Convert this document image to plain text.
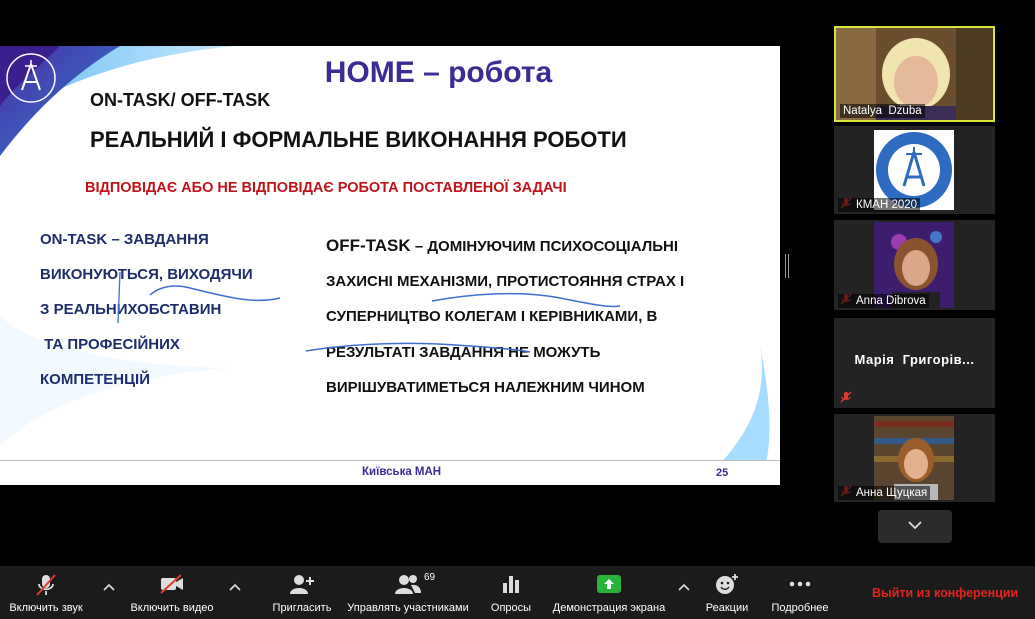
HOME – робота
ON-TASK/ OFF-TASK
РЕАЛЬНИЙ І ФОРМАЛЬНЕ ВИКОНАННЯ РОБОТИ
ВІДПОВІДАЄ АБО НЕ ВІДПОВІДАЄ РОБОТА ПОСТАВЛЕНОЇ ЗАДАЧІ
ON-TASK – ЗАВДАННЯ
ВИКОНУЮТЬСЯ, ВИХОДЯЧИ
З РЕАЛЬНИХОБСТАВИН
ТА ПРОФЕСІЙНИХ
КОМПЕТЕНЦІЙ
OFF-TASK – ДОМІНУЮЧИМ ПСИХОСОЦІАЛЬНІ
ЗАХИСНІ МЕХАНІЗМИ, ПРОТИСТОЯННЯ СТРАХ І
СУПЕРНИЦТВО КОЛЕГАМ І КЕРІВНИКАМИ, В
РЕЗУЛЬТАТІ ЗАВДАННЯ НЕ МОЖУТЬ
ВИРІШУВАТИМЕТЬСЯ НАЛЕЖНИМ ЧИНОМ
Київська МАН	25
Natalya  Dzuba
КМАН 2020
Anna Dibrova
Марія  Григорів...
Анна Щуцкая
Включить звук	Включить видео	Пригласить
69
Управлять участниками	Опросы	Демонстрация экрана	Реакции	Подробнее
Выйти из конференции
